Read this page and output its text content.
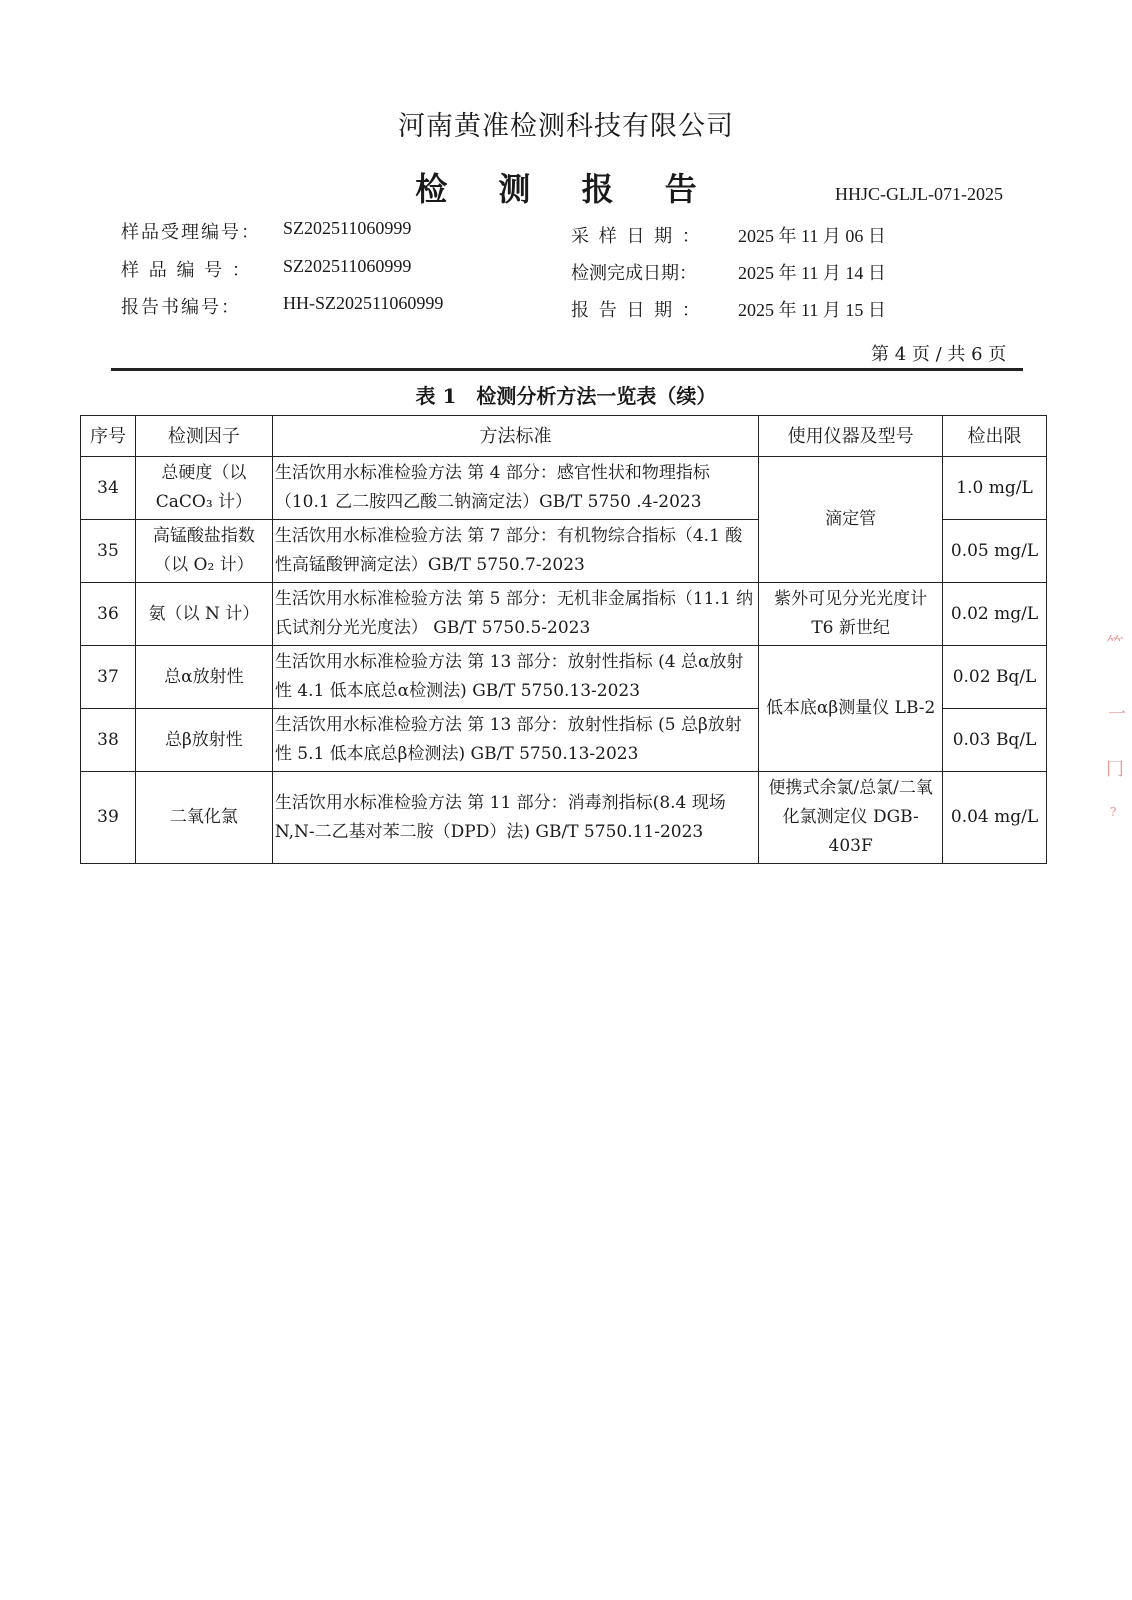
河南黄准检测科技有限公司
检 测 报 告	HHJC-GLJL-071-2025
样品受理编号： SZ202511060999
样 品 编 号 ： SZ202511060999
报告书编号： HH-SZ202511060999
采 样 日 期 ： 2025 年 11 月 06 日
检测完成日期： 2025 年 11 月 14 日
报 告 日 期 ： 2025 年 11 月 15 日
第 4 页 / 共 6 页
表 1　检测分析方法一览表（续）
序号	检测因子	方法标准	使用仪器及型号	检出限
34	总硬度（以 CaCO₃ 计）	生活饮用水标准检验方法 第 4 部分：感官性状和物理指标（10.1 乙二胺四乙酸二钠滴定法）GB/T 5750 .4-2023	滴定管	1.0 mg/L
35	高锰酸盐指数（以 O₂ 计）	生活饮用水标准检验方法 第 7 部分：有机物综合指标（4.1 酸性高锰酸钾滴定法）GB/T 5750.7-2023		0.05 mg/L
36	氨（以 N 计）	生活饮用水标准检验方法 第 5 部分：无机非金属指标（11.1 纳氏试剂分光光度法） GB/T 5750.5-2023	紫外可见分光光度计 T6 新世纪	0.02 mg/L
37	总α放射性	生活饮用水标准检验方法 第 13 部分：放射性指标 (4 总α放射性 4.1 低本底总α检测法) GB/T 5750.13-2023	低本底αβ测量仪 LB-2	0.02 Bq/L
38	总β放射性	生活饮用水标准检验方法 第 13 部分：放射性指标 (5 总β放射性 5.1 低本底总β检测法) GB/T 5750.13-2023		0.03 Bq/L
39	二氧化氯	生活饮用水标准检验方法 第 11 部分：消毒剂指标(8.4 现场 N,N-二乙基对苯二胺（DPD）法) GB/T 5750.11-2023	便携式余氯/总氯/二氧化氯测定仪 DGB-403F	0.04 mg/L
⺮
一
冂
?
